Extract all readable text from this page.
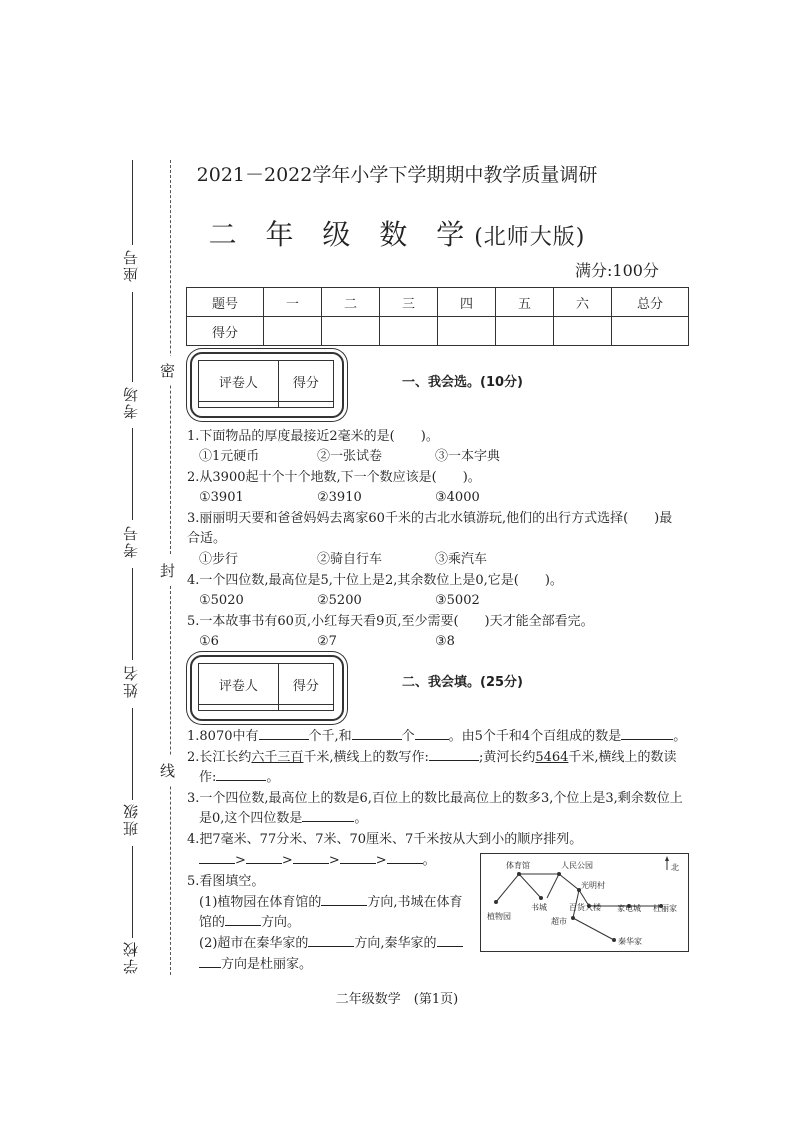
座号
考场
考号
姓名
班级
学校
密
封
线
2021－2022学年小学下学期期中教学质量调研
二 年 级 数 学(北师大版)
满分:100分
题号	一	二	三	四	五	六	总分
得分							
评卷人	得分
		一、我会选。(10分)
1.下面物品的厚度最接近2毫米的是(　　)。
①1元硬币	②一张试卷	③一本字典
2.从3900起十个十个地数,下一个数应该是(　　)。
①3901	②3910	③4000
3.丽丽明天要和爸爸妈妈去离家60千米的古北水镇游玩,他们的出行方式选择(　　)最
合适。
①步行	②骑自行车	③乘汽车
4.一个四位数,最高位是5,十位上是2,其余数位上是0,它是(　　)。
①5020	②5200	③5002
5.一本故事书有60页,小红每天看9页,至少需要(　　)天才能全部看完。
①6	②7	③8
评卷人	得分
		二、我会填。(25分)
1.8070中有	个千,和	个	。由5个千和4个百组成的数是	。
2.长江长约六千三百千米,横线上的数写作:	;黄河长约5464千米,横线上的数读
作:	。
3.一个四位数,最高位上的数是6,百位上的数比最高位上的数多3,个位上是3,剩余数位上
是0,这个四位数是	。
4.把7毫米、77分米、7米、70厘米、7千米按从大到小的顺序排列。
>	>	>	>	。
5.看图填空。
(1)植物园在体育馆的	方向,书城在体育
馆的	方向。
(2)超市在秦华家的	方向,秦华家的
方向是杜丽家。
北
体育馆	人民公园
光明村
植物园
书城	百货大楼 家电城 杜丽家
超市
秦华家
二年级数学　(第1页)
